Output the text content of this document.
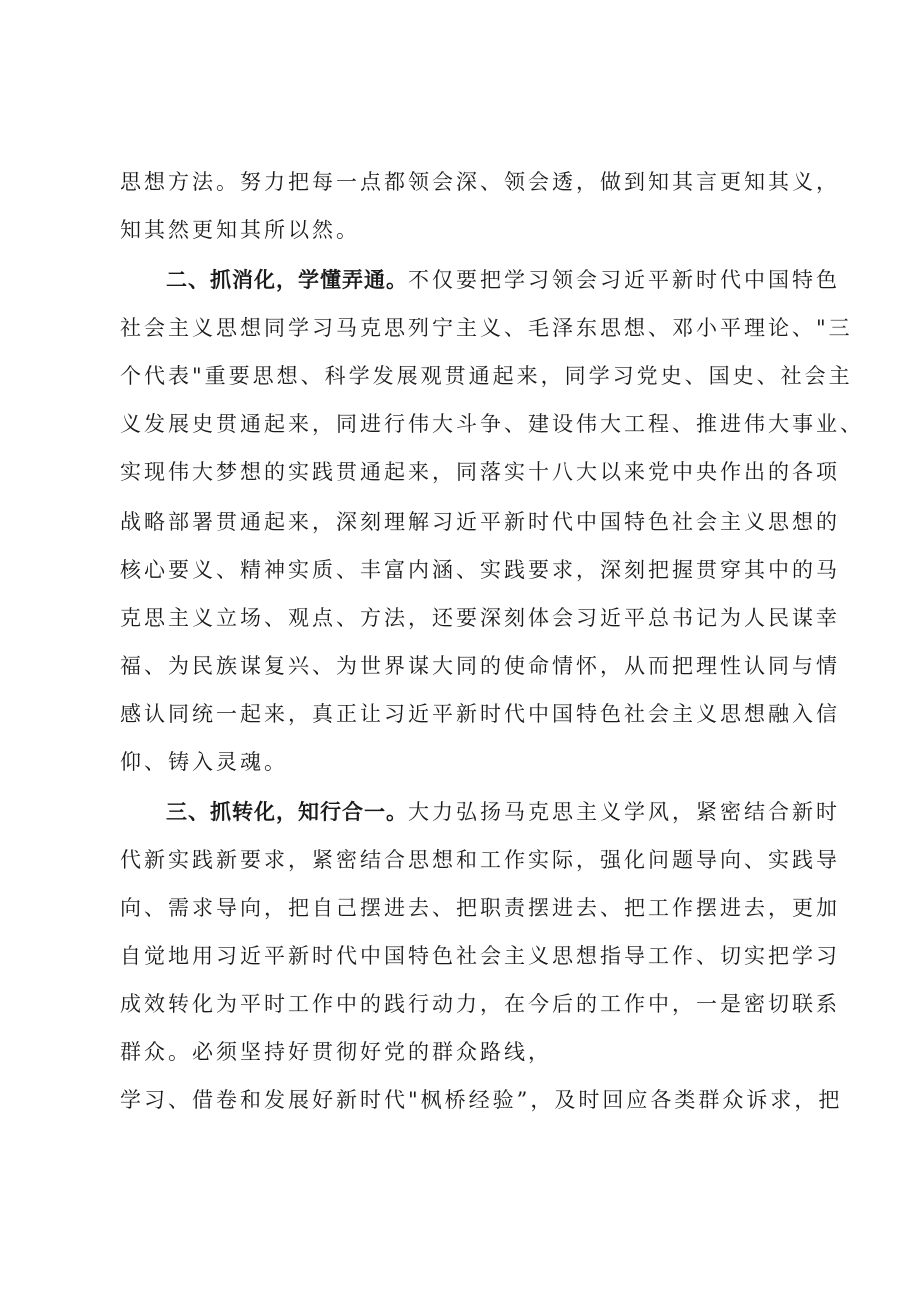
思想方法。努力把每一点都领会深、领会透，做到知其言更知其义，
知其然更知其所以然。
二、抓消化，学懂弄通。不仅要把学习领会习近平新时代中国特色
社会主义思想同学习马克思列宁主义、毛泽东思想、邓小平理论、"三
个代表"重要思想、科学发展观贯通起来，同学习党史、国史、社会主
义发展史贯通起来，同进行伟大斗争、建设伟大工程、推进伟大事业、
实现伟大梦想的实践贯通起来，同落实十八大以来党中央作出的各项
战略部署贯通起来，深刻理解习近平新时代中国特色社会主义思想的
核心要义、精神实质、丰富内涵、实践要求，深刻把握贯穿其中的马
克思主义立场、观点、方法，还要深刻体会习近平总书记为人民谋幸
福、为民族谋复兴、为世界谋大同的使命情怀，从而把理性认同与情
感认同统一起来，真正让习近平新时代中国特色社会主义思想融入信
仰、铸入灵魂。
三、抓转化，知行合一。大力弘扬马克思主义学风，紧密结合新时
代新实践新要求，紧密结合思想和工作实际，强化问题导向、实践导
向、需求导向，把自己摆进去、把职责摆进去、把工作摆进去，更加
自觉地用习近平新时代中国特色社会主义思想指导工作、切实把学习
成效转化为平时工作中的践行动力，在今后的工作中，一是密切联系
群众。必须坚持好贯彻好党的群众路线，
学习、借卷和发展好新时代"枫桥经验”，及时回应各类群众诉求，把
